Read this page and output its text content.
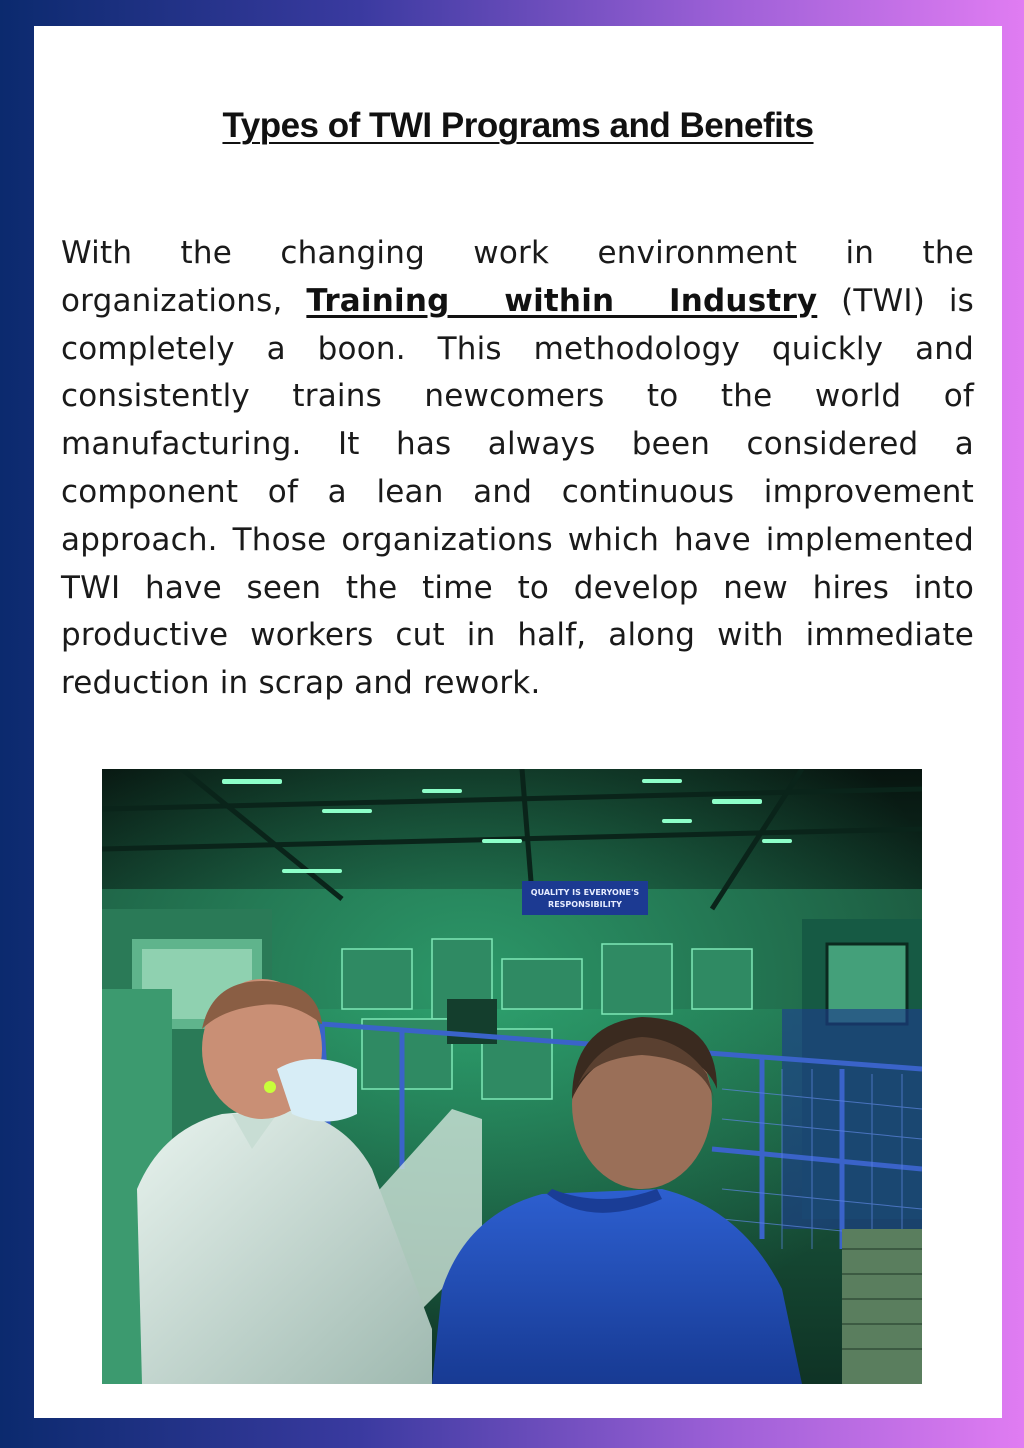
Types of TWI Programs and Benefits

With the changing work environment in the organizations, Training within Industry (TWI) is completely a boon. This methodology quickly and consistently trains newcomers to the world of manufacturing. It has always been considered a component of a lean and continuous improvement approach. Those organizations which have implemented TWI have seen the time to develop new hires into productive workers cut in half, along with immediate reduction in scrap and rework.

QUALITY IS EVERYONE'S
RESPONSIBILITY
